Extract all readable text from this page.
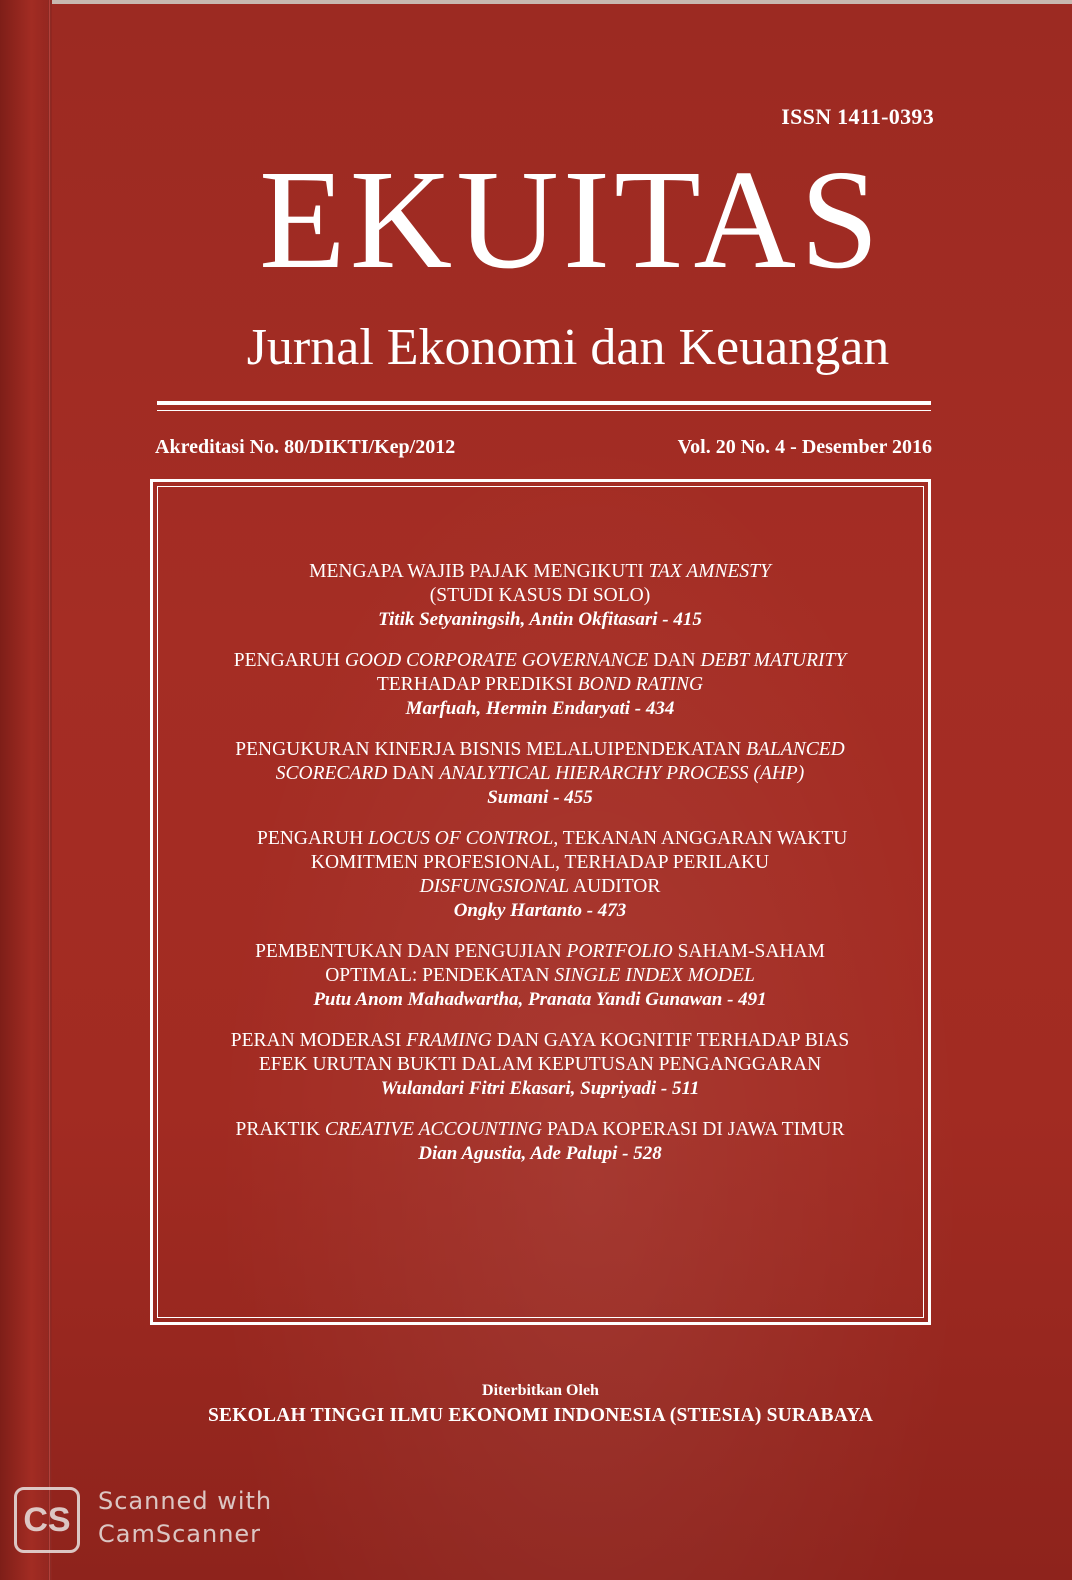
ISSN 1411-0393
EKUITAS
Jurnal Ekonomi dan Keuangan
Akreditasi No. 80/DIKTI/Kep/2012	Vol. 20 No. 4 - Desember 2016
MENGAPA WAJIB PAJAK MENGIKUTI TAX AMNESTY
(STUDI KASUS DI SOLO)
Titik Setyaningsih, Antin Okfitasari - 415
PENGARUH GOOD CORPORATE GOVERNANCE DAN DEBT MATURITY
TERHADAP PREDIKSI BOND RATING
Marfuah, Hermin Endaryati - 434
PENGUKURAN KINERJA BISNIS MELALUIPENDEKATAN BALANCED
SCORECARD DAN ANALYTICAL HIERARCHY PROCESS (AHP)
Sumani - 455
PENGARUH LOCUS OF CONTROL, TEKANAN ANGGARAN WAKTU
KOMITMEN PROFESIONAL, TERHADAP PERILAKU
DISFUNGSIONAL AUDITOR
Ongky Hartanto - 473
PEMBENTUKAN DAN PENGUJIAN PORTFOLIO SAHAM-SAHAM
OPTIMAL: PENDEKATAN SINGLE INDEX MODEL
Putu Anom Mahadwartha, Pranata Yandi Gunawan - 491
PERAN MODERASI FRAMING DAN GAYA KOGNITIF TERHADAP BIAS
EFEK URUTAN BUKTI DALAM KEPUTUSAN PENGANGGARAN
Wulandari Fitri Ekasari, Supriyadi - 511
PRAKTIK CREATIVE ACCOUNTING PADA KOPERASI DI JAWA TIMUR
Dian Agustia, Ade Palupi - 528
Diterbitkan Oleh
SEKOLAH TINGGI ILMU EKONOMI INDONESIA (STIESIA) SURABAYA
CS	Scanned with
CamScanner
